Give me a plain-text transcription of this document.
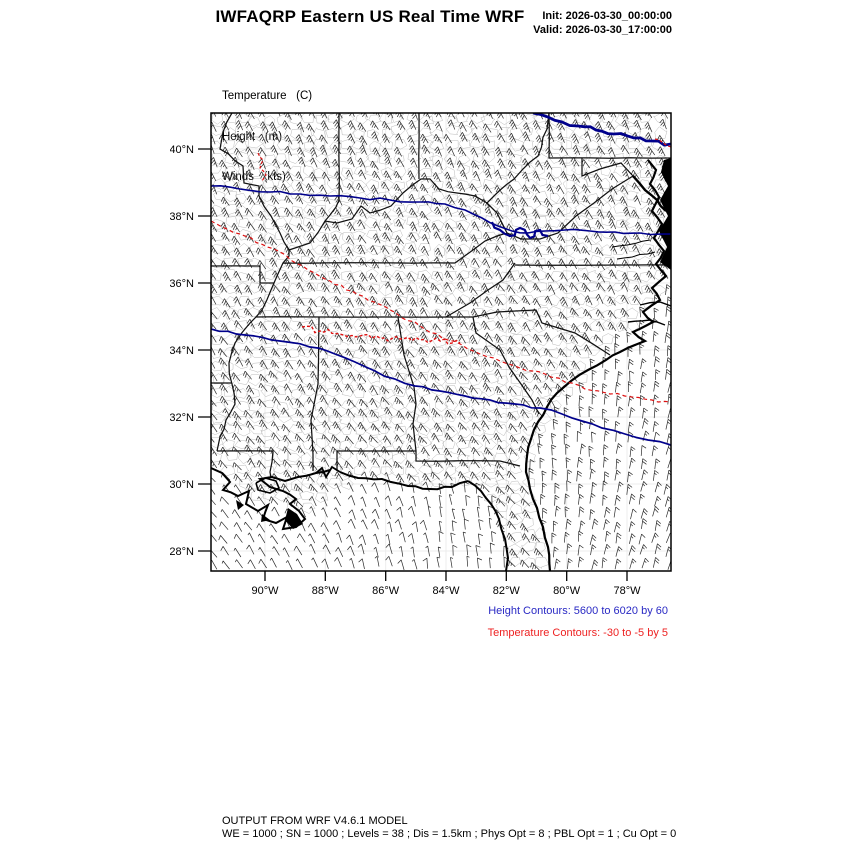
IWFAQRP Eastern US Real Time WRF	Init: 2026-03-30_00:00:00
Valid: 2026-03-30_17:00:00

Temperature   (C)

Height   (m)

Winds   (kts)

90°W	88°W	86°W	84°W	82°W	80°W	78°W
40°N
38°N
36°N
34°N
32°N
30°N
28°N
Height Contours: 5600 to 6020 by 60
Temperature Contours: -30 to -5 by 5
OUTPUT FROM WRF V4.6.1 MODEL
WE = 1000 ; SN = 1000 ; Levels = 38 ; Dis = 1.5km ; Phys Opt = 8 ; PBL Opt = 1 ; Cu Opt = 0
